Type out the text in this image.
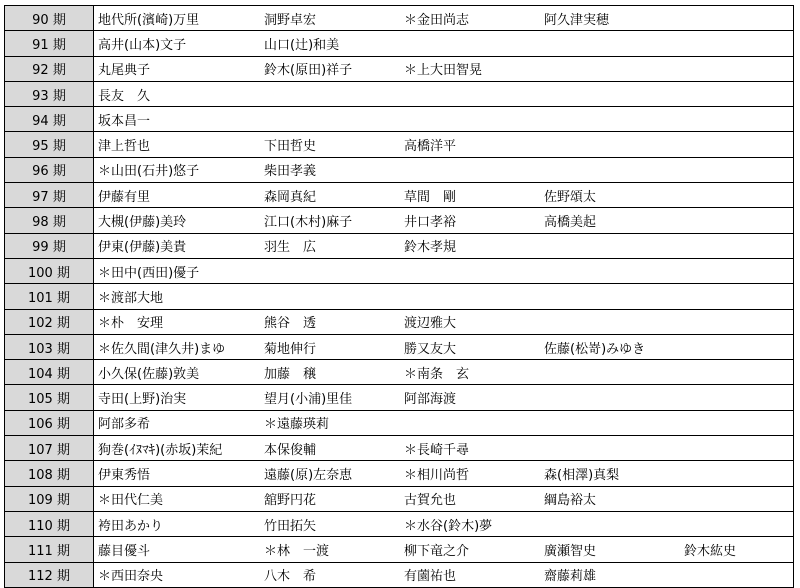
90 期	地代所(濱崎)万里	洞野卓宏	＊金田尚志	阿久津実穂	
91 期	高井(山本)文子	山口(辻)和美			
92 期	丸尾典子	鈴木(原田)祥子	＊上大田智晃		
93 期	長友　久				
94 期	坂本昌一				
95 期	津上哲也	下田哲史	高橋洋平		
96 期	＊山田(石井)悠子	柴田孝義			
97 期	伊藤有里	森岡真紀	草間　剛	佐野頌太	
98 期	大槻(伊藤)美玲	江口(木村)麻子	井口孝裕	高橋美起	
99 期	伊東(伊藤)美貴	羽生　広	鈴木孝規		
100 期	＊田中(西田)優子				
101 期	＊渡部大地				
102 期	＊朴　安理	熊谷　透	渡辺雅大		
103 期	＊佐久間(津久井)まゆ	菊地伸行	勝又友大	佐藤(松嵜)みゆき	
104 期	小久保(佐藤)敦美	加藤　穣	＊南条　玄		
105 期	寺田(上野)治実	望月(小浦)里佳	阿部海渡		
106 期	阿部多希	＊遠藤瑛莉			
107 期	狗巻(ｲﾇﾏｷ)(赤坂)茉紀	本保俊輔	＊長崎千尋		
108 期	伊東秀悟	遠藤(原)左奈恵	＊相川尚哲	森(相澤)真梨	
109 期	＊田代仁美	舘野円花	古賀允也	綱島裕太	
110 期	袴田あかり	竹田拓矢	＊水谷(鈴木)夢		
111 期	藤目優斗	＊林　一渡	柳下竜之介	廣瀬智史	鈴木紘史
112 期	＊西田奈央	八木　希	有薗祐也	齋藤莉雄	
